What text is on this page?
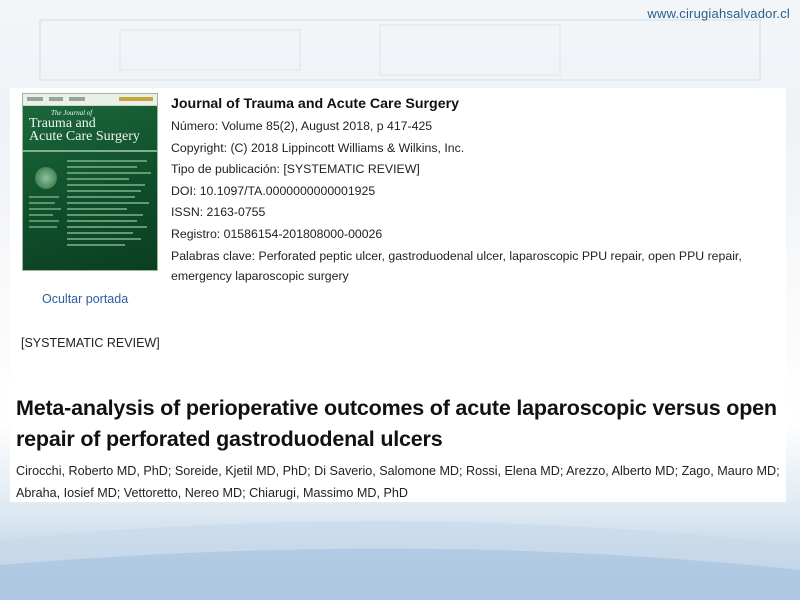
www.cirugiahsalvador.cl
The Journal of
Trauma and
Acute Care Surgery
Ocultar portada
Journal of Trauma and Acute Care Surgery
Número: Volume 85(2), August 2018, p 417-425
Copyright: (C) 2018 Lippincott Williams & Wilkins, Inc.
Tipo de publicación: [SYSTEMATIC REVIEW]
DOI: 10.1097/TA.0000000000001925
ISSN: 2163-0755
Registro: 01586154-201808000-00026
Palabras clave: Perforated peptic ulcer, gastroduodenal ulcer, laparoscopic PPU repair, open PPU repair, emergency laparoscopic surgery
[SYSTEMATIC REVIEW]
Meta-analysis of perioperative outcomes of acute laparoscopic versus open repair of perforated gastroduodenal ulcers
Cirocchi, Roberto MD, PhD; Soreide, Kjetil MD, PhD; Di Saverio, Salomone MD; Rossi, Elena MD; Arezzo, Alberto MD; Zago, Mauro MD; Abraha, Iosief MD; Vettoretto, Nereo MD; Chiarugi, Massimo MD, PhD
